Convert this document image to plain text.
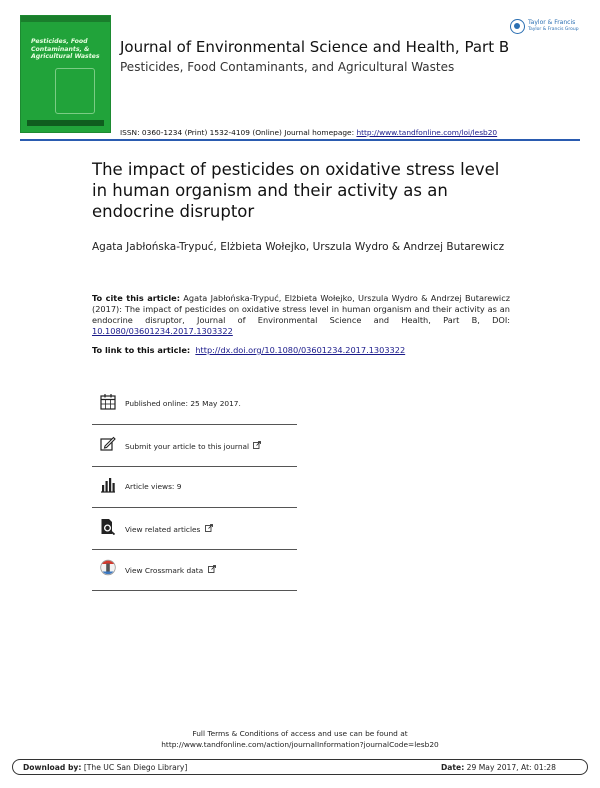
Pesticides, Food Contaminants, & Agricultural Wastes
Journal of Environmental Science and Health, Part B
Pesticides, Food Contaminants, and Agricultural Wastes
ISSN: 0360-1234 (Print) 1532-4109 (Online) Journal homepage: http://www.tandfonline.com/loi/lesb20
Taylor & Francis
Taylor & Francis Group
The impact of pesticides on oxidative stress level in human organism and their activity as an endocrine disruptor
Agata Jabłońska-Trypuć, Elżbieta Wołejko, Urszula Wydro & Andrzej Butarewicz
To cite this article: Agata Jabłońska-Trypuć, Elżbieta Wołejko, Urszula Wydro & Andrzej Butarewicz (2017): The impact of pesticides on oxidative stress level in human organism and their activity as an endocrine disruptor, Journal of Environmental Science and Health, Part B, DOI: 10.1080/03601234.2017.1303322
To link to this article: http://dx.doi.org/10.1080/03601234.2017.1303322
Published online: 25 May 2017.
Submit your article to this journal
Article views: 9
View related articles
View Crossmark data
Full Terms & Conditions of access and use can be found at
http://www.tandfonline.com/action/journalInformation?journalCode=lesb20
Download by: [The UC San Diego Library]	Date: 29 May 2017, At: 01:28
